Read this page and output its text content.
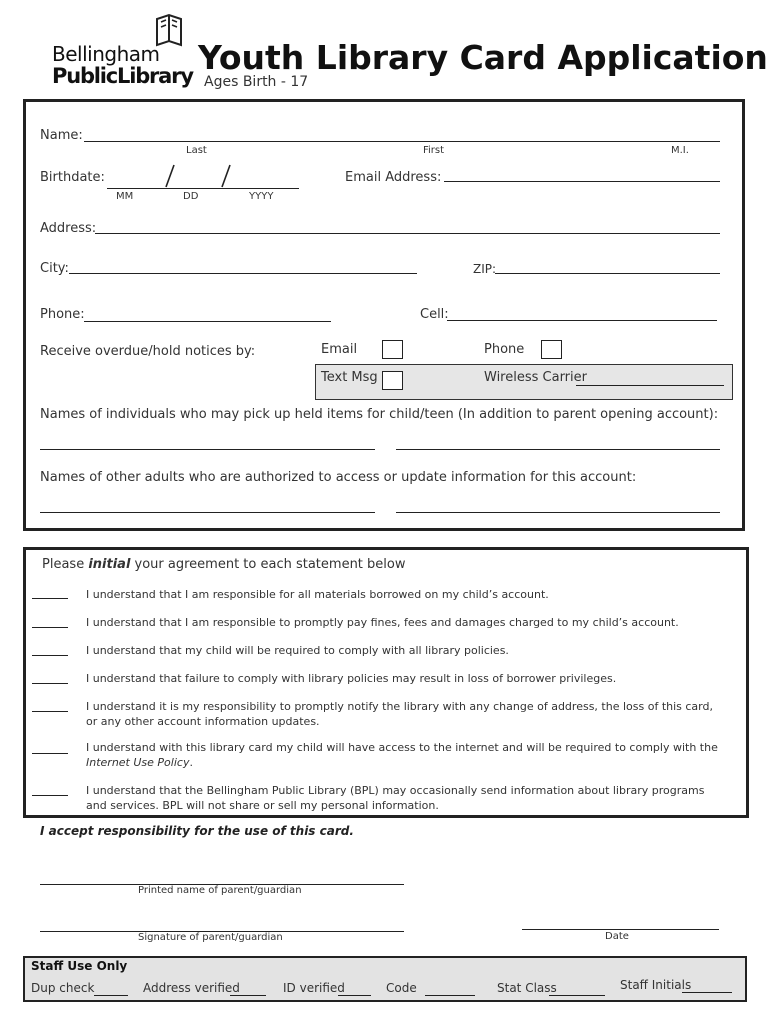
Bellingham
PublicLibrary Youth Library Card Application
Ages Birth - 17
Name:
Last	First	M.I.
Birthdate:
MM	DD	YYYY
Email Address:
Address:
City:	ZIP:
Phone:	Cell:
Receive overdue/hold notices by:	Email	Phone
Text Msg	Wireless Carrier
Names of individuals who may pick up held items for child/teen (In addition to parent opening account):
Names of other adults who are authorized to access or update information for this account:
Please initial your agreement to each statement below
I understand that I am responsible for all materials borrowed on my child’s account.
I understand that I am responsible to promptly pay fines, fees and damages charged to my child’s account.
I understand that my child will be required to comply with all library policies.
I understand that failure to comply with library policies may result in loss of borrower privileges.
I understand it is my responsibility to promptly notify the library with any change of address, the loss of this card, or any other account information updates.
I understand with this library card my child will have access to the internet and will be required to comply with the
Internet Use Policy.
I understand that the Bellingham Public Library (BPL) may occasionally send information about library programs and services. BPL will not share or sell my personal information.
I accept responsibility for the use of this card.
Printed name of parent/guardian
Signature of parent/guardian	Date
Staff Use Only
Dup check	Address verified	ID verified	Code	Stat Class	Staff Initials
